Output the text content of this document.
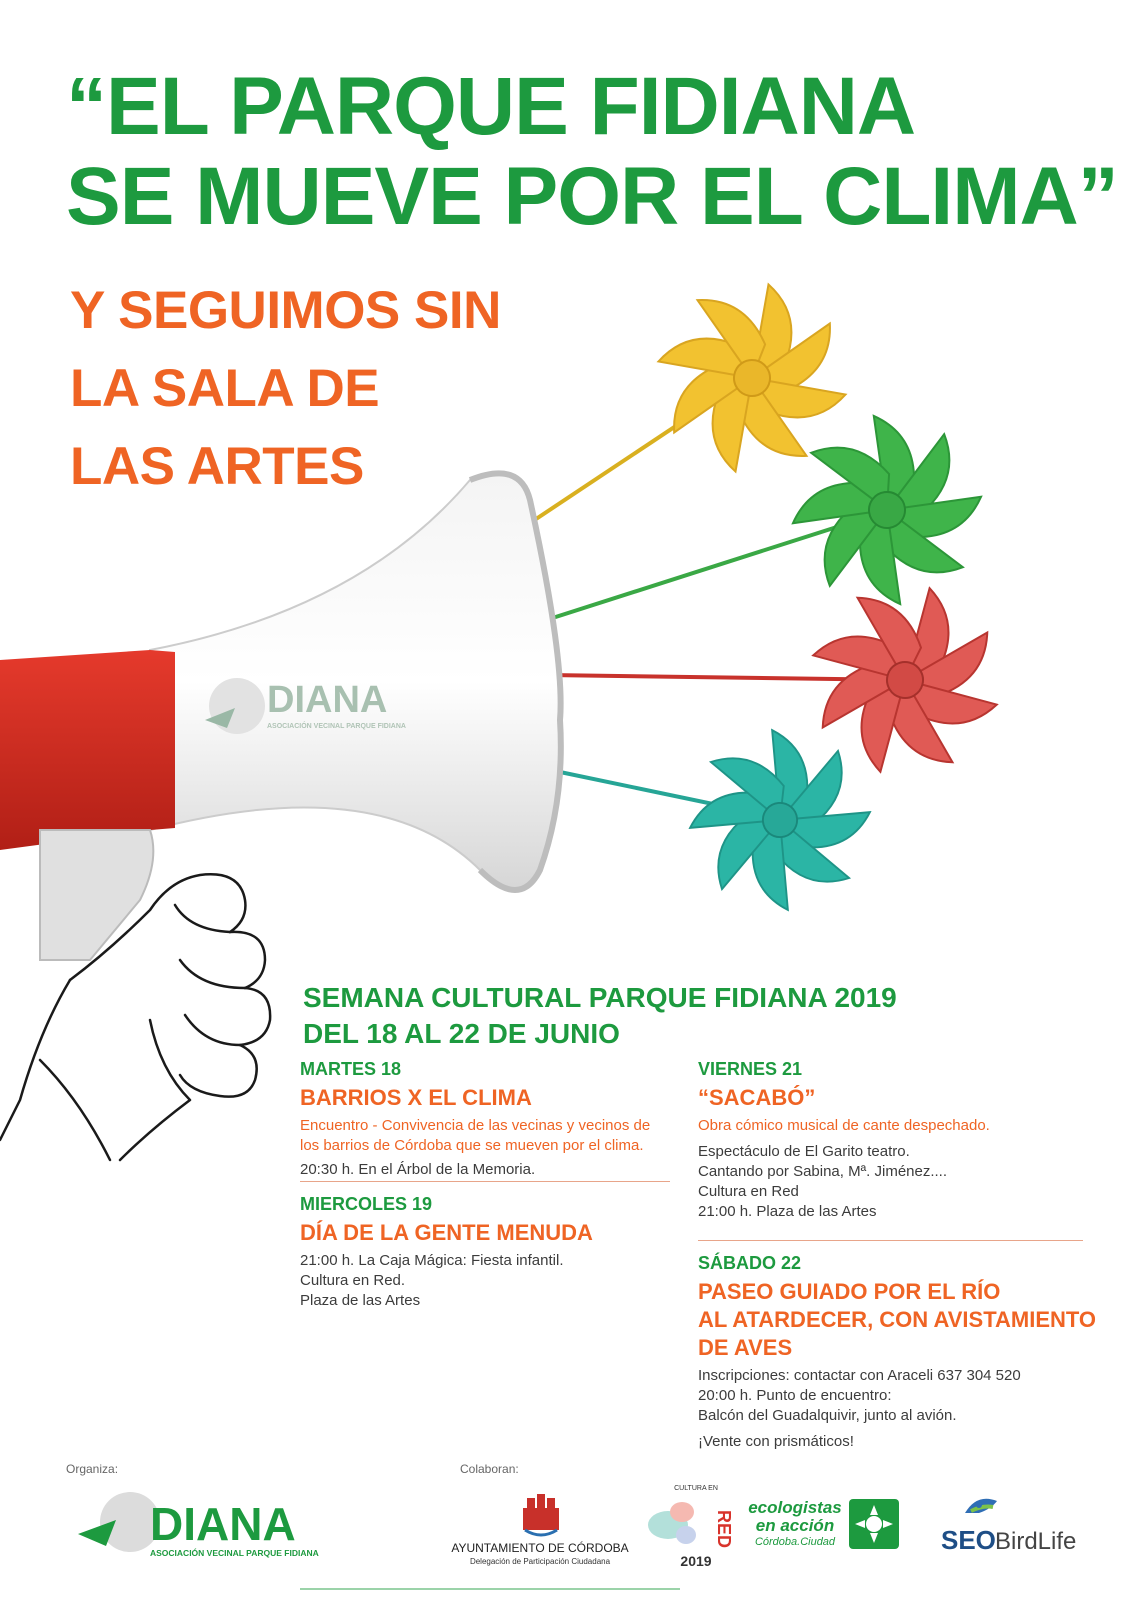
“EL PARQUE FIDIANA
SE MUEVE POR EL CLIMA”
Y SEGUIMOS SIN
LA SALA DE
LAS ARTES
DIANA
ASOCIACIÓN VECINAL PARQUE FIDIANA
SEMANA CULTURAL PARQUE FIDIANA 2019
DEL 18 AL 22 DE JUNIO
MARTES 18
BARRIOS X EL CLIMA
Encuentro - Convivencia de las vecinas y vecinos de
los barrios de Córdoba que se mueven por el clima.
20:30 h. En el Árbol de la Memoria.
MIERCOLES 19
DÍA DE LA GENTE MENUDA
21:00 h. La Caja Mágica: Fiesta infantil.
Cultura en Red.
Plaza de las Artes
VIERNES 21
“SACABÓ”
Obra cómico musical de cante despechado.
Espectáculo de El Garito teatro.
Cantando por Sabina, Mª. Jiménez....
Cultura en Red
21:00 h. Plaza de las Artes
SÁBADO 22
PASEO GUIADO POR EL RÍO
AL ATARDECER, CON AVISTAMIENTO
DE AVES
Inscripciones: contactar con Araceli 637 304 520
20:00 h. Punto de encuentro:
Balcón del Guadalquivir, junto al avión.
¡Vente con prismáticos!
Organiza:	Colaboran:
DIANA
ASOCIACIÓN VECINAL PARQUE FIDIANA	AYUNTAMIENTO DE CÓRDOBA
Delegación de Participación Ciudadana
CULTURA EN
RED
2019
ecologistas
en acción
Córdoba.Ciudad	SEO BirdLife
